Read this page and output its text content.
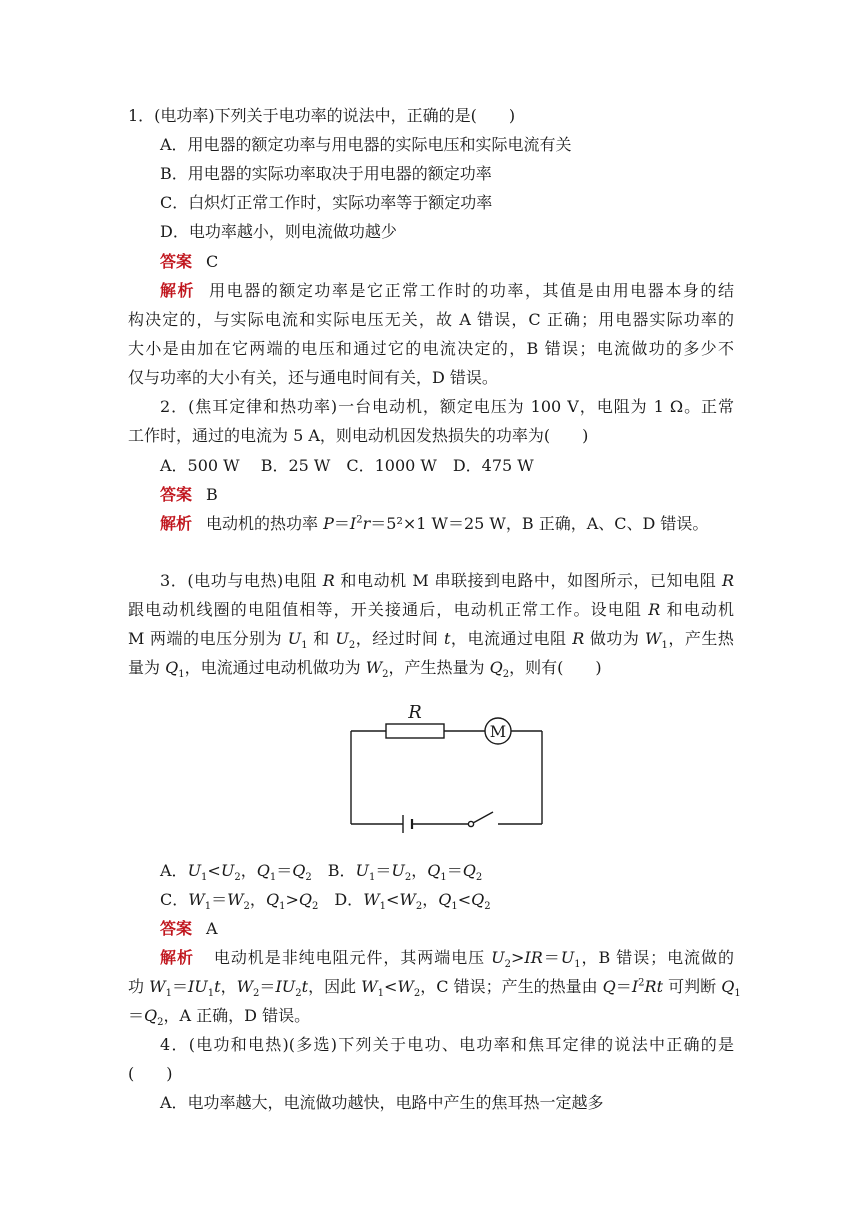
1．(电功率)下列关于电功率的说法中，正确的是(　　)
A．用电器的额定功率与用电器的实际电压和实际电流有关
B．用电器的实际功率取决于用电器的额定功率
C．白炽灯正常工作时，实际功率等于额定功率
D．电功率越小，则电流做功越少
答案 C
解析 用电器的额定功率是它正常工作时的功率，其值是由用电器本身的结
构决定的，与实际电流和实际电压无关，故 A 错误，C 正确；用电器实际功率的
大小是由加在它两端的电压和通过它的电流决定的，B 错误；电流做功的多少不
仅与功率的大小有关，还与通电时间有关，D 错误。
2．(焦耳定律和热功率)一台电动机，额定电压为 100 V，电阻为 1 Ω。正常
工作时，通过的电流为 5 A，则电动机因发热损失的功率为(　　)
A．500 W　 B．25 W　C．1000 W　D．475 W
答案 B
解析 电动机的热功率 $P=I^2r=5^2\times 1$ W＝25 W，B 正确，A、C、D 错误。
3．(电功与电热)电阻 R 和电动机 M 串联接到电路中，如图所示，已知电阻 R
跟电动机线圈的电阻值相等，开关接通后，电动机正常工作。设电阻 R 和电动机
M 两端的电压分别为 $U_1$ 和 $U_2$，经过时间 t，电流通过电阻 R 做功为 $W_1$，产生热
量为 $Q_1$，电流通过电动机做功为 $W_2$，产生热量为 $Q_2$，则有(　　)
R
M
A．$U_1<U_2$，$Q_1=Q_2$　B．$U_1=U_2$，$Q_1=Q_2$
C．$W_1=W_2$，$Q_1>Q_2$　D．$W_1<W_2$，$Q_1<Q_2$
答案 A
解析 电动机是非纯电阻元件，其两端电压 $U_2>IR=U_1$，B 错误；电流做的
功 $W_1=IU_1t$，$W_2=IU_2t$，因此 $W_1<W_2$，C 错误；产生的热量由 $Q=I^2Rt$ 可判断 $Q_1$
$=Q_2$，A 正确，D 错误。
4．(电功和电热)(多选)下列关于电功、电功率和焦耳定律的说法中正确的是
(　　)
A．电功率越大，电流做功越快，电路中产生的焦耳热一定越多
